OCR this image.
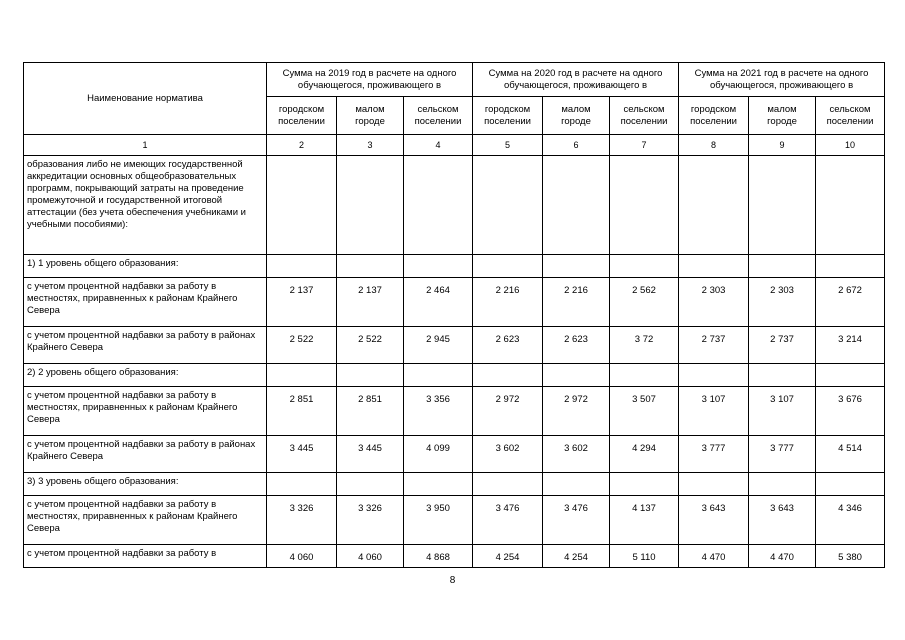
Наименование норматива	Сумма на 2019 год в расчете на одного обучающегося, проживающего в			Сумма на 2020 год в расчете на одного обучающегося, проживающего в			Сумма на 2021 год в расчете на одного обучающегося, проживающего в		
	городском поселении	малом городе	сельском поселении	городском поселении	малом городе	сельском поселении	городском поселении	малом городе	сельском поселении
1	2	3	4	5	6	7	8	9	10
образования либо не имеющих государственной аккредитации основных общеобразовательных программ, покрывающий затраты на проведение промежуточной и государственной итоговой аттестации (без учета обеспечения учебниками и учебными пособиями):									
1) 1 уровень общего образования:									
с учетом процентной надбавки за работу в местностях, приравненных к районам Крайнего Севера	2 137	2 137	2 464	2 216	2 216	2 562	2 303	2 303	2 672
с учетом процентной надбавки за работу в районах Крайнего Севера	2 522	2 522	2 945	2 623	2 623	3 72	2 737	2 737	3 214
2) 2 уровень общего образования:									
с учетом процентной надбавки за работу в местностях, приравненных к районам Крайнего Севера	2 851	2 851	3 356	2 972	2 972	3 507	3 107	3 107	3 676
с учетом процентной надбавки за работу в районах Крайнего Севера	3 445	3 445	4 099	3 602	3 602	4 294	3 777	3 777	4 514
3) 3 уровень общего образования:									
с учетом процентной надбавки за работу в местностях, приравненных к районам Крайнего Севера	3 326	3 326	3 950	3 476	3 476	4 137	3 643	3 643	4 346
с учетом процентной надбавки за работу в	4 060	4 060	4 868	4 254	4 254	5 110	4 470	4 470	5 380
8
